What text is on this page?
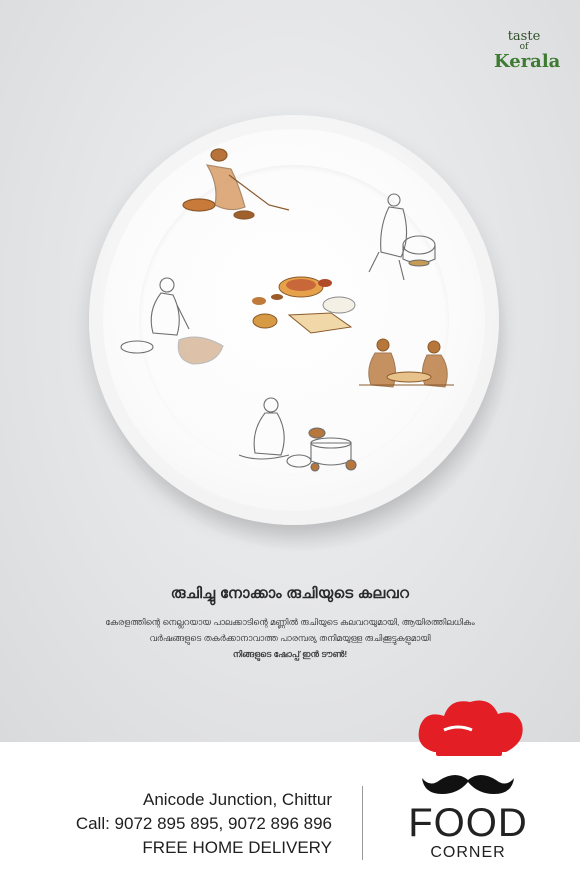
taste
of
Kerala
രുചിച്ചു നോക്കാം രുചിയുടെ കലവറ
കേരളത്തിന്റെ നെല്ലറയായ പാലക്കാടിന്റെ മണ്ണിൽ രുചിയുടെ കലവറയുമായി, ആയിരത്തിലധികം
വർഷങ്ങളുടെ തകർക്കാനാവാത്ത പാരമ്പര്യ തനിമയുള്ള രുചിക്കൂട്ടുകളുമായി
നിങ്ങളുടെ ഷോപ്പ് ഇൻ ടൗൺ!
Anicode Junction, Chittur
Call: 9072 895 895, 9072 896 896
FREE HOME DELIVERY
FOOD
CORNER
